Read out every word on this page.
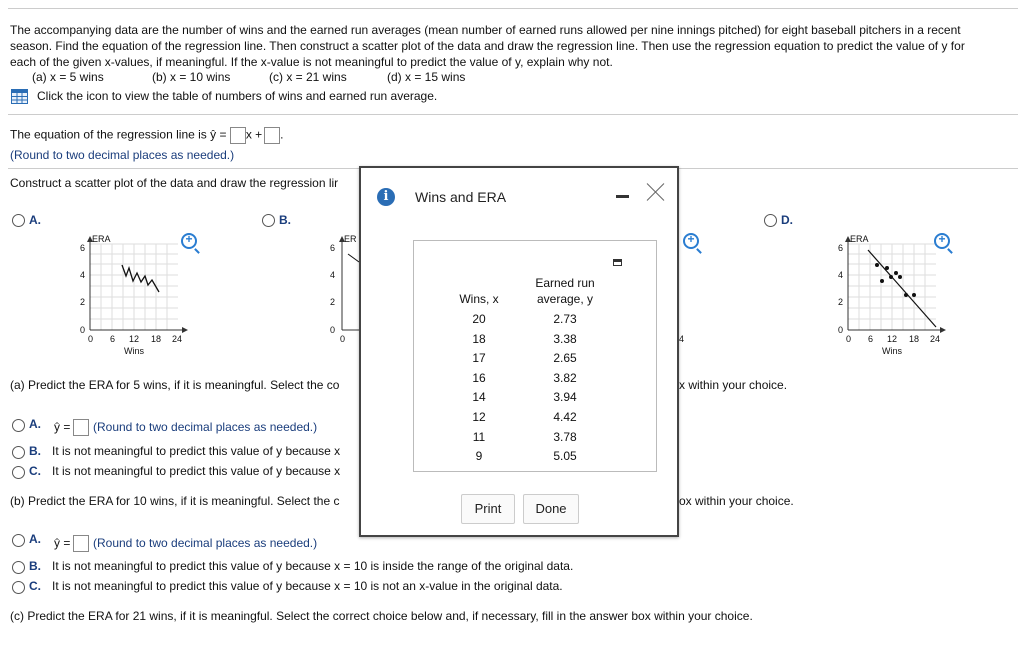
The accompanying data are the number of wins and the earned run averages (mean number of earned runs allowed per nine innings pitched) for eight baseball pitchers in a recent
season. Find the equation of the regression line. Then construct a scatter plot of the data and draw the regression line. Then use the regression equation to predict the value of y for
each of the given x-values, if meaningful. If the x-value is not meaningful to predict the value of y, explain why not.
(a) x = 5 wins	(b) x = 10 wins	(c) x = 21 wins	(d) x = 15 wins
Click the icon to view the table of numbers of wins and earned run average.
The equation of the regression line is ŷ = x + .
(Round to two decimal places as needed.)
Construct a scatter plot of the data and draw the regression lir
A.
ERA
6
4
2
0
0 6 12 18 24
Wins
+
B.
ER
6
4
2
0
0
+
4
D.
ERA
6
4
2
0
0 6 12 18 24
Wins
+
(a) Predict the ERA for 5 wins, if it is meaningful. Select the co	x within your choice.
A. ŷ = (Round to two decimal places as needed.)
B. It is not meaningful to predict this value of y because x
C. It is not meaningful to predict this value of y because x
(b) Predict the ERA for 10 wins, if it is meaningful. Select the c	ox within your choice.
A. ŷ = (Round to two decimal places as needed.)
B. It is not meaningful to predict this value of y because x = 10 is inside the range of the original data.
C. It is not meaningful to predict this value of y because x = 10 is not an x-value in the original data.
(c) Predict the ERA for 21 wins, if it is meaningful. Select the correct choice below and, if necessary, fill in the answer box within your choice.
i	Wins and ERA
Wins, x
Earned run
average, y
20	2.73
18	3.38
17	2.65
16	3.82
14	3.94
12	4.42
11	3.78
9	5.05
Print	Done
